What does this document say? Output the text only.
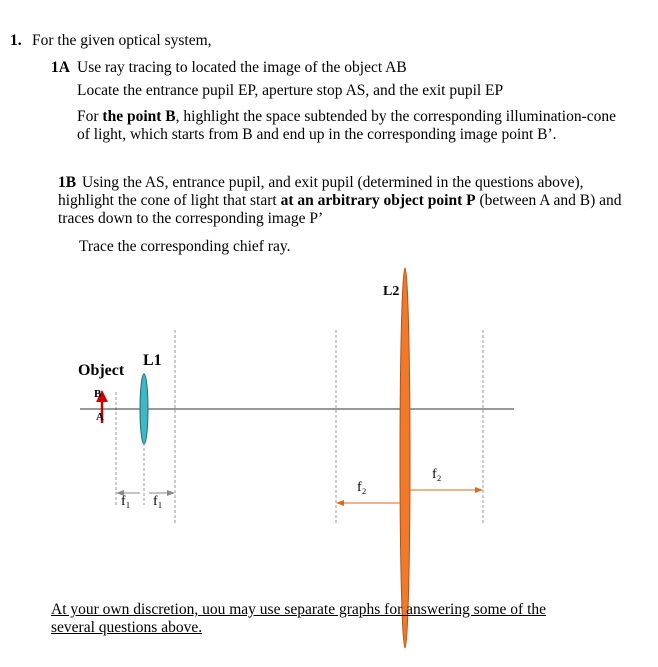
1. For the given optical system,
1A Use ray tracing to located the image of the object AB
Locate the entrance pupil EP, aperture stop AS, and the exit pupil EP
For the point B, highlight the space subtended by the corresponding illumination-cone of light, which starts from B and end up in the corresponding image point B’.
1B Using the AS, entrance pupil, and exit pupil (determined in the questions above), highlight the cone of light that start at an arbitrary object point P (between A and B) and traces down to the corresponding image P’
Trace the corresponding chief ray.
Object
L1
L2
B
A
f₁ f₁
f₂
f₂
At your own discretion, uou may use separate graphs for answering some of the several questions above.
